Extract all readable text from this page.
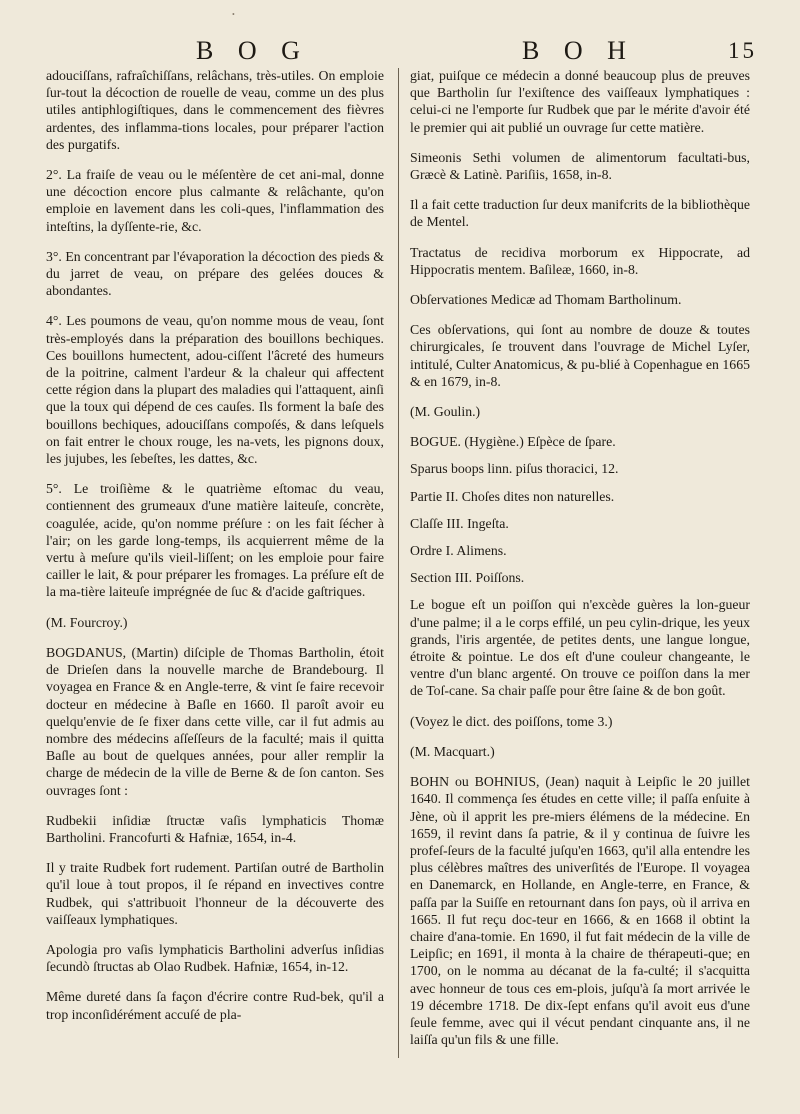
•
B O G	B O H	15

adouciſſans, rafraîchiſſans, relâchans, très-utiles. On emploie ſur-tout la décoction de rouelle de veau, comme un des plus utiles antiphlogiſtiques, dans le commencement des fièvres ardentes, des inflamma-tions locales, pour préparer l'action des purgatifs.

2°. La fraiſe de veau ou le méſentère de cet ani-mal, donne une décoction encore plus calmante & relâchante, qu'on emploie en lavement dans les coli-ques, l'inflammation des inteſtins, la dyſſente-rie, &c.

3°. En concentrant par l'évaporation la décoction des pieds & du jarret de veau, on prépare des gelées douces & abondantes.

4°. Les poumons de veau, qu'on nomme mous de veau, ſont très-employés dans la préparation des bouillons bechiques. Ces bouillons humectent, adou-ciſſent l'âcreté des humeurs de la poitrine, calment l'ardeur & la chaleur qui affectent cette région dans la plupart des maladies qui l'attaquent, ainſi que la toux qui dépend de ces cauſes. Ils forment la baſe des bouillons bechiques, adouciſſans compoſés, & dans leſquels on fait entrer le choux rouge, les na-vets, les pignons doux, les jujubes, les ſebeſtes, les dattes, &c.

5°. Le troiſième & le quatrième eſtomac du veau, contiennent des grumeaux d'une matière laiteuſe, concrète, coagulée, acide, qu'on nomme préſure : on les fait ſécher à l'air; on les garde long-temps, ils acquierrent même de la vertu à meſure qu'ils vieil-liſſent; on les emploie pour faire cailler le lait, & pour préparer les fromages. La préſure eſt de la ma-tière laiteuſe imprégnée de ſuc & d'acide gaſtriques.

(M. Fourcroy.)

BOGDANUS, (Martin) diſciple de Thomas Bartholin, étoit de Drieſen dans la nouvelle marche de Brandebourg. Il voyagea en France & en Angle-terre, & vint ſe faire recevoir docteur en médecine à Baſle en 1660. Il paroît avoir eu quelqu'envie de ſe fixer dans cette ville, car il fut admis au nombre des médecins aſſeſſeurs de la faculté; mais il quitta Baſle au bout de quelques années, pour aller remplir la charge de médecin de la ville de Berne & de ſon canton. Ses ouvrages ſont :

Rudbekii inſidiæ ſtructæ vaſis lymphaticis Thomæ Bartholini. Francofurti & Hafniæ, 1654, in-4.

Il y traite Rudbek fort rudement. Partiſan outré de Bartholin qu'il loue à tout propos, il ſe répand en invectives contre Rudbek, qui s'attribuoit l'honneur de la découverte des vaiſſeaux lymphatiques.

Apologia pro vaſis lymphaticis Bartholini adverſus inſidias ſecundò ſtructas ab Olao Rudbek. Hafniæ, 1654, in-12.

Même dureté dans ſa façon d'écrire contre Rud-bek, qu'il a trop inconſidérément accuſé de pla-

giat, puiſque ce médecin a donné beaucoup plus de preuves que Bartholin ſur l'exiſtence des vaiſſeaux lymphatiques : celui-ci ne l'emporte ſur Rudbek que par le mérite d'avoir été le premier qui ait publié un ouvrage ſur cette matière.

Simeonis Sethi volumen de alimentorum facultati-bus, Græcè & Latinè. Pariſiis, 1658, in-8.

Il a fait cette traduction ſur deux manifcrits de la bibliothèque de Mentel.

Tractatus de recidiva morborum ex Hippocrate, ad Hippocratis mentem. Baſileæ, 1660, in-8.

Obſervationes Medicæ ad Thomam Bartholinum.

Ces obſervations, qui ſont au nombre de douze & toutes chirurgicales, ſe trouvent dans l'ouvrage de Michel Lyſer, intitulé, Culter Anatomicus, & pu-blié à Copenhague en 1665 & en 1679, in-8.

(M. Goulin.)

BOGUE. (Hygiène.) Eſpèce de ſpare.

Sparus boops linn. piſus thoracici, 12.

Partie II. Choſes dites non naturelles.

Claſſe III. Ingeſta.

Ordre I. Alimens.

Section III. Poiſſons.

Le bogue eſt un poiſſon qui n'excède guères la lon-gueur d'une palme; il a le corps effilé, un peu cylin-drique, les yeux grands, l'iris argentée, de petites dents, une langue longue, étroite & pointue. Le dos eſt d'une couleur changeante, le ventre d'un blanc argenté. On trouve ce poiſſon dans la mer de Toſ-cane. Sa chair paſſe pour être ſaine & de bon goût.

(Voyez le dict. des poiſſons, tome 3.)

(M. Macquart.)

BOHN ou BOHNIUS, (Jean) naquit à Leipſic le 20 juillet 1640. Il commença ſes études en cette ville; il paſſa enſuite à Jène, où il apprit les pre-miers élémens de la médecine. En 1659, il revint dans ſa patrie, & il y continua de ſuivre les profeſ-ſeurs de la faculté juſqu'en 1663, qu'il alla entendre les plus célèbres maîtres des univerſités de l'Europe. Il voyagea en Danemarck, en Hollande, en Angle-terre, en France, & paſſa par la Suiſſe en retournant dans ſon pays, où il arriva en 1665. Il fut reçu doc-teur en 1666, & en 1668 il obtint la chaire d'ana-tomie. En 1690, il fut fait médecin de la ville de Leipſic; en 1691, il monta à la chaire de thérapeuti-que; en 1700, on le nomma au décanat de la fa-culté; il s'acquitta avec honneur de tous ces em-plois, juſqu'à ſa mort arrivée le 19 décembre 1718. De dix-ſept enfans qu'il avoit eus d'une ſeule femme, avec qui il vécut pendant cinquante ans, il ne laiſſa qu'un fils & une fille.
